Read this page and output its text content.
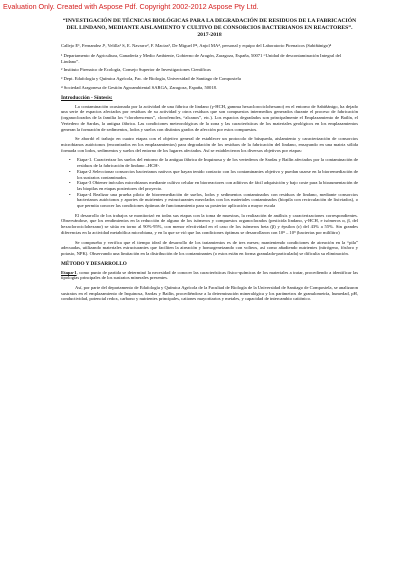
Evaluation Only. Created with Aspose Pdf. Copyright 2002-2012 Aspose Pty Ltd.
“INVESTIGACIÓN DE TÉCNICAS BIOLÓGICAS PARA LA DEGRADACIÓN DE RESIDUOS DE LA FABRICACIÓN DEL LINDANO, MEDIANTE AISLAMIENTO Y CULTIVO DE CONSORCIOS BACTERIANOS EN REACTORES”. 2017-2018
Callejo E¹, Fernandez J¹, Velilla¹ S, E. Navarro², F. Macias³, De Miguel P⁴, Anjol MA⁴, personal y equipo del Laboratorio Pirenaicos (Sabiñánigo)⁴
¹ Departamento de Agricultura, Ganadería y Medio Ambiente, Gobierno de Aragón, Zaragoza, España, 50071 “Unidad de descontaminación Integral del Lindano”.
² Instituto Pirenaico de Ecología, Consejo Superior de Investigaciones Científicas
³ Dept. Edafología y Química Agrícola, Fac. de Biología, Universidad de Santiago de Compostela
⁴ Sociedad Aragonesa de Gestión Agroambiental SARGA, Zaragoza, España, 50018.
Introducción - Síntesis:

La contaminación ocasionada por la actividad de una fábrica de lindano (γ-HCH, gamma hexaclorociclohexano) en el entorno de Sabiñánigo, ha dejado una serie de espacios afectados por residuos de su actividad y otros residuos que son compuestos intermedios generados durante el proceso de fabricación (organoclorados de la familia los “clorobencenos”, clorofenoles, “alcanos”, etc.). Los espacios degradados son principalmente el Emplazamiento de Bailín, el Vertedero de Sardas, la antigua fábrica. Las condiciones meteorológicas de la zona y las características de los materiales geológicos en los emplazamientos generan la formación de sedimentos, lodos y suelos con distintos grados de afección por estos compuestos.

Se abordó el trabajo en cuatro etapas con el objetivo general de establecer un protocolo de búsqueda, aislamiento y caracterización de consorcios microbianos autóctonos (encontrados en los emplazamientos) para degradación de los residuos de la fabricación del lindano, ensayando en una matriz sólida formada con lodos, sedimentos y suelos del entorno de los lugares afectados. Así se establecieron los diversos objetivos por etapas:

• Etapa-1. Caracterizar los suelos del entorno de la antigua fábrica de Inquinosa y de los vertederos de Sardas y Bailín afectados por la contaminación de residuos de la fabricación de lindano –HCH-.
• Etapa-2 Seleccionar consorcios bacterianos nativos que hayan tenido contacto con los contaminantes objetivo y puedan usarse en la biorremediación de los sustratos contaminados.
• Etapa-3 Obtener inóculos microbianos mediante cultivo celular en biorreactores con aditivos de fácil adquisición y bajo coste para la bioaumentación de las biopilas en etapas posteriores del proyecto.
• Etapa-4 Realizar una prueba piloto de biorremediación de suelos, lodos y sedimentos contaminados con residuos de lindano, mediante consorcios bacterianos autóctonos y aportes de nutrientes y estructurantes mezclados con los materiales contaminados (biopila con recirculación de lixiviados), o que permita conocer las condiciones óptimas de funcionamiento para su posterior aplicación a mayor escala

El desarrollo de los trabajos se monitorizó en todas sus etapas con la toma de muestras, la realización de análisis y caracterizaciones correspondientes. Observándose, que los rendimientos en la reducción de alguno de los isómeros y compuestos organoclorados (pesticida lindano, γ-HCH, e isómeros α, β, del hexaclorociclohexano) se sitúa en torno al 90%-95%, con menor efectividad en el caso de los isómeros beta (β) y épsilon (ε) del 43% a 55%. Sin grandes diferencias en la actividad metabólica microbiana, y en la que se vió que las condiciones óptimas se desarrollaron con 10⁸ – 10⁹ (bacterias por mililitro)

Se comprueba y verifica que el tiempo ideal de desarrollo de los tratamientos es de tres meses; manteniendo condiciones de aireación en la “pila” adecuadas, utilizando materiales estructurantes que faciliten la aireación y homogeneizando con volteos, así como añadiendo nutrientes (nitrógeno, fósforo y potasio, NPK). Observando una limitación en la distribución de los contaminantes (o estos están en forma granulada-particulada) se dificulta su eliminación.

MÉTODO Y DESARROLLO

Etapa-1, como punto de partida se determinó la necesidad de conocer las características físico-químicas de los materiales a tratar, procediendo a identificar las tipologías principales de los sustratos minerales presentes.

Así, por parte del departamento de Edafología y Química Agrícola de la Facultad de Biología de la Universidad de Santiago de Compostela, se analizaron sustratos en el emplazamiento de Inquinosa, Sardas y Bailín, procediéndose a la determinación mineralógica y los parámetros de granulometría, humedad, pH, conductividad, potencial redox, carbono y nutrientes principales, cationes mayoritarios y metales, y capacidad de intercambio catiónico.
